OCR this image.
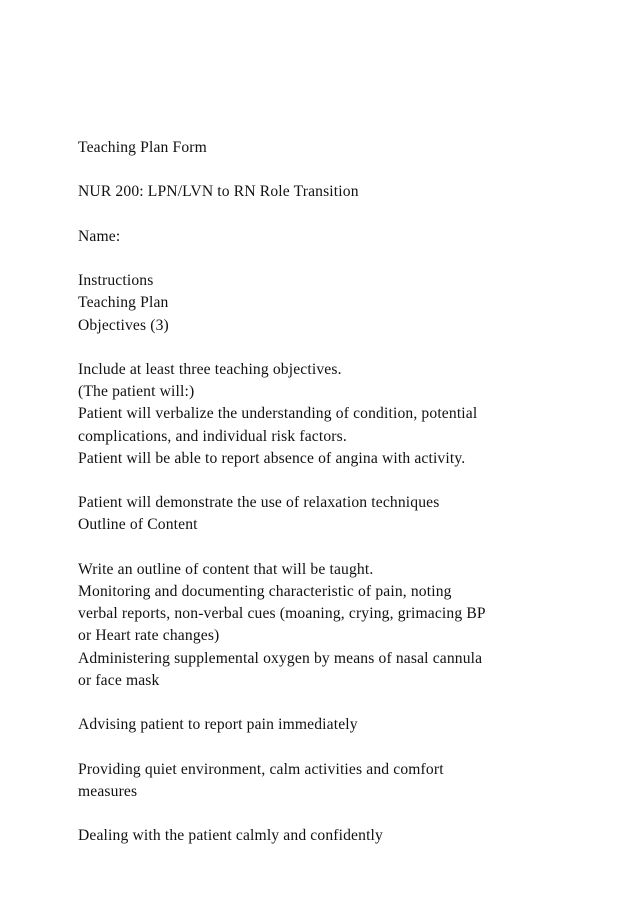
Teaching Plan Form
NUR 200: LPN/LVN to RN Role Transition
Name:
Instructions
Teaching Plan
Objectives (3)
Include at least three teaching objectives.
(The patient will:)
Patient will verbalize the understanding of condition, potential
complications, and individual risk factors.
Patient will be able to report absence of angina with activity.
Patient will demonstrate the use of relaxation techniques
Outline of Content
Write an outline of content that will be taught.
Monitoring and documenting characteristic of pain, noting
verbal reports, non-verbal cues (moaning, crying, grimacing BP
or Heart rate changes)
Administering supplemental oxygen by means of nasal cannula
or face mask
Advising patient to report pain immediately
Providing quiet environment, calm activities and comfort
measures
Dealing with the patient calmly and confidently
